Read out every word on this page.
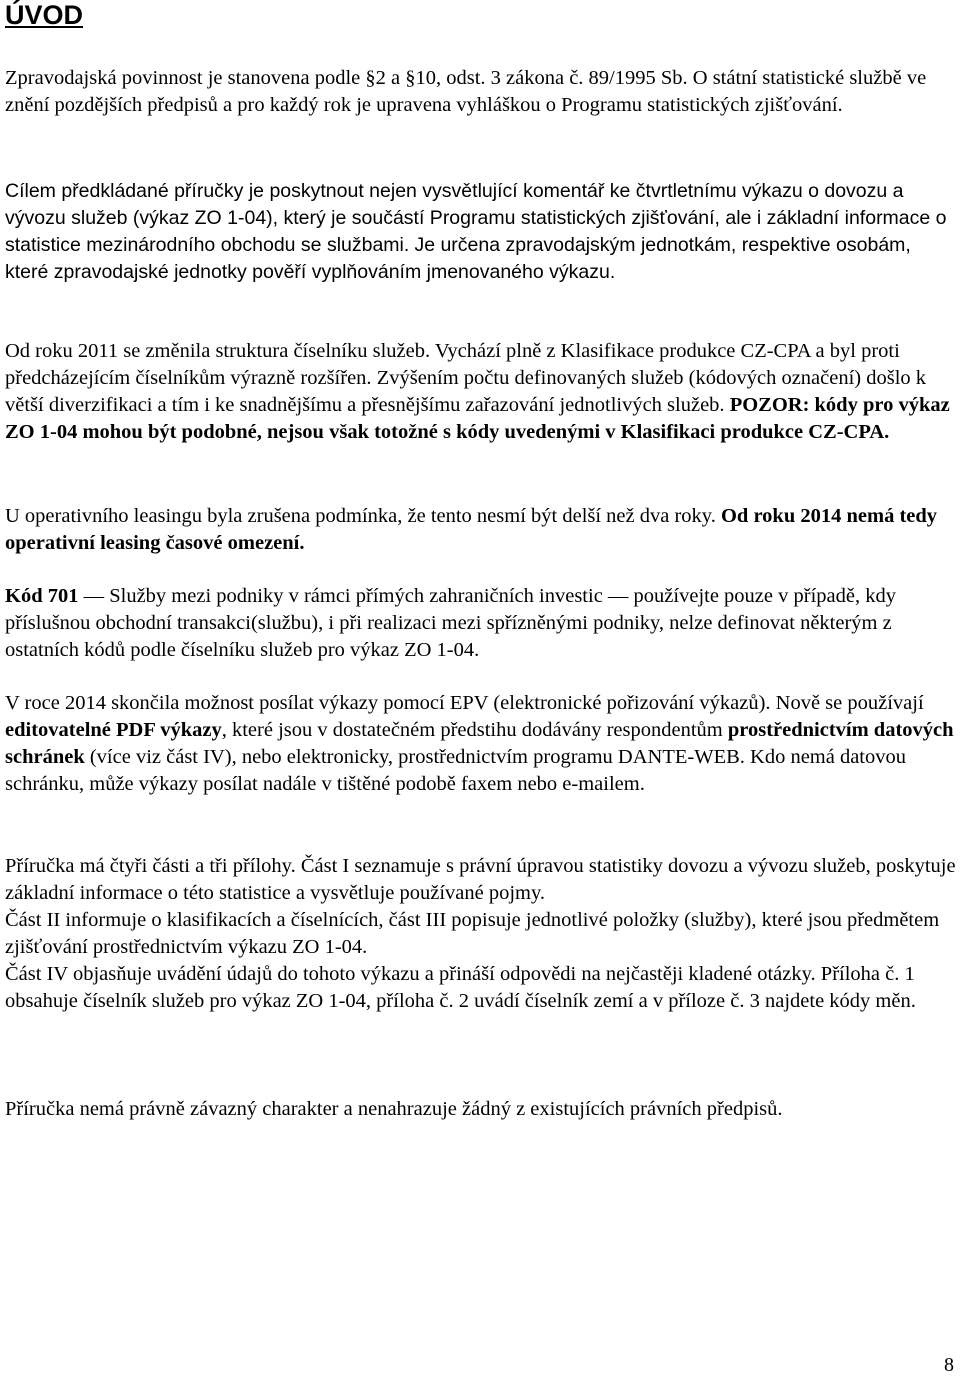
ÚVOD

Zpravodajská povinnost je stanovena podle §2 a §10, odst. 3 zákona č. 89/1995 Sb. O státní statistické službě ve znění pozdějších předpisů a pro každý rok je upravena vyhláškou o Programu statistických zjišťování.

Cílem předkládané příručky je poskytnout nejen vysvětlující komentář ke čtvrtletnímu výkazu o dovozu a vývozu služeb (výkaz ZO 1-04), který je součástí Programu statistických zjišťování, ale i základní informace o statistice mezinárodního obchodu se službami. Je určena zpravodajským jednotkám, respektive osobám, které zpravodajské jednotky pověří vyplňováním jmenovaného výkazu.

Od roku 2011 se změnila struktura číselníku služeb. Vychází plně z Klasifikace produkce CZ-CPA a byl proti předcházejícím číselníkům výrazně rozšířen. Zvýšením počtu definovaných služeb (kódových označení) došlo k větší diverzifikaci a tím i ke snadnějšímu a přesnějšímu zařazování jednotlivých služeb. POZOR: kódy pro výkaz ZO 1-04 mohou být podobné, nejsou však totožné s kódy uvedenými v Klasifikaci produkce CZ-CPA.

U operativního leasingu byla zrušena podmínka, že tento nesmí být delší než dva roky. Od roku 2014 nemá tedy operativní leasing časové omezení.

Kód 701 — Služby mezi podniky v rámci přímých zahraničních investic — používejte pouze v případě, kdy příslušnou obchodní transakci(službu), i při realizaci mezi spřízněnými podniky, nelze definovat některým z ostatních kódů podle číselníku služeb pro výkaz ZO 1-04.

V roce 2014 skončila možnost posílat výkazy pomocí EPV (elektronické pořizování výkazů). Nově se používají editovatelné PDF výkazy, které jsou v dostatečném předstihu dodávány respondentům prostřednictvím datových schránek (více viz část IV), nebo elektronicky, prostřednictvím programu DANTE-WEB. Kdo nemá datovou schránku, může výkazy posílat nadále v tištěné podobě faxem nebo e-mailem.

Příručka má čtyři části a tři přílohy. Část I seznamuje s právní úpravou statistiky dovozu a vývozu služeb, poskytuje základní informace o této statistice a vysvětluje používané pojmy.
Část II informuje o klasifikacích a číselnících, část III popisuje jednotlivé položky (služby), které jsou předmětem zjišťování prostřednictvím výkazu ZO 1-04.
Část IV objasňuje uvádění údajů do tohoto výkazu a přináší odpovědi na nejčastěji kladené otázky. Příloha č. 1 obsahuje číselník služeb pro výkaz ZO 1-04, příloha č. 2 uvádí číselník zemí a v příloze č. 3 najdete kódy měn.

Příručka nemá právně závazný charakter a nenahrazuje žádný z existujících právních předpisů.

8
